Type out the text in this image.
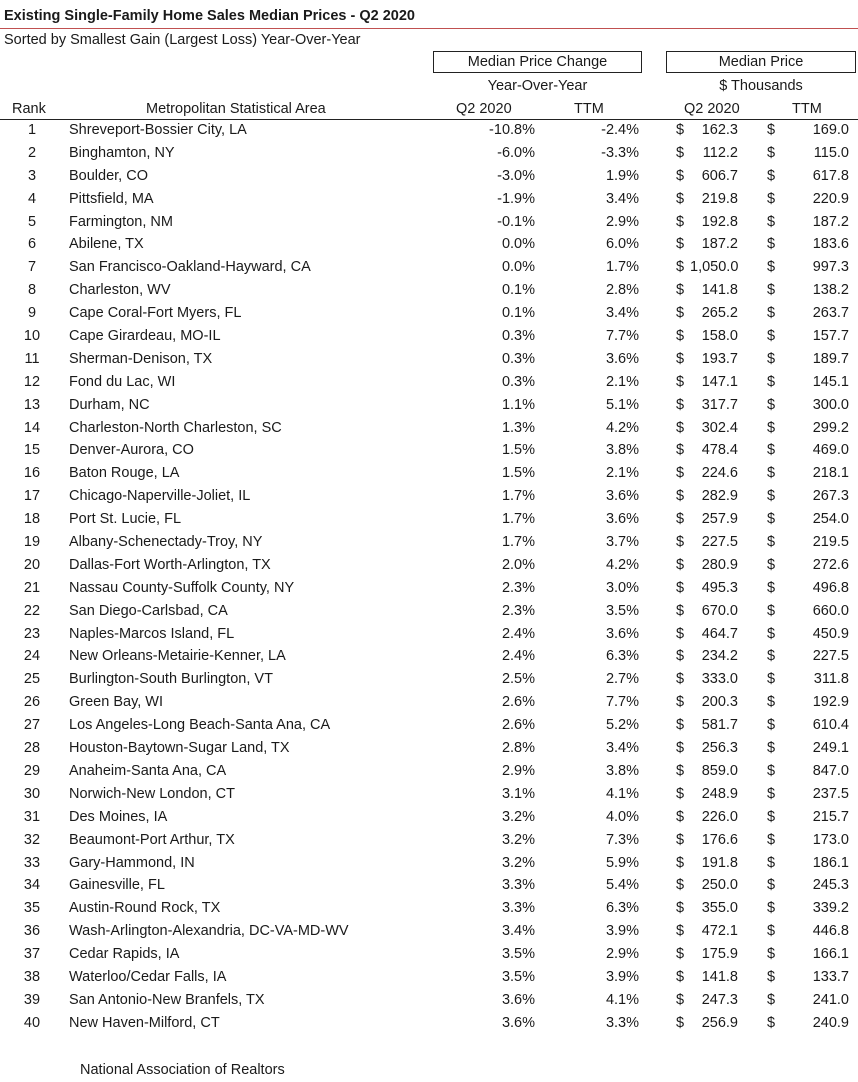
Existing Single-Family Home Sales Median Prices - Q2 2020
Sorted by Smallest Gain (Largest Loss) Year-Over-Year
Median Price Change	Median Price
Year-Over-Year	$ Thousands
Rank	Metropolitan Statistical Area	Q2 2020	TTM	Q2 2020	TTM
1	Shreveport-Bossier City, LA	-10.8%	-2.4%	$	162.3 $	169.0
2	Binghamton, NY	-6.0%	-3.3%	$	112.2 $	115.0
3	Boulder, CO	-3.0%	1.9%	$	606.7 $	617.8
4	Pittsfield, MA	-1.9%	3.4%	$	219.8 $	220.9
5	Farmington, NM	-0.1%	2.9%	$	192.8 $	187.2
6	Abilene, TX	0.0%	6.0%	$	187.2 $	183.6
7	San Francisco-Oakland-Hayward, CA	0.0%	1.7%	$ 1,050.0 $	997.3
8	Charleston, WV	0.1%	2.8%	$	141.8 $	138.2
9	Cape Coral-Fort Myers, FL	0.1%	3.4%	$	265.2 $	263.7
10	Cape Girardeau, MO-IL	0.3%	7.7%	$	158.0 $	157.7
11	Sherman-Denison, TX	0.3%	3.6%	$	193.7 $	189.7
12	Fond du Lac, WI	0.3%	2.1%	$	147.1 $	145.1
13	Durham, NC	1.1%	5.1%	$	317.7 $	300.0
14	Charleston-North Charleston, SC	1.3%	4.2%	$	302.4 $	299.2
15	Denver-Aurora, CO	1.5%	3.8%	$	478.4 $	469.0
16	Baton Rouge, LA	1.5%	2.1%	$	224.6 $	218.1
17	Chicago-Naperville-Joliet, IL	1.7%	3.6%	$	282.9 $	267.3
18	Port St. Lucie, FL	1.7%	3.6%	$	257.9 $	254.0
19	Albany-Schenectady-Troy, NY	1.7%	3.7%	$	227.5 $	219.5
20	Dallas-Fort Worth-Arlington, TX	2.0%	4.2%	$	280.9 $	272.6
21	Nassau County-Suffolk County, NY	2.3%	3.0%	$	495.3 $	496.8
22	San Diego-Carlsbad, CA	2.3%	3.5%	$	670.0 $	660.0
23	Naples-Marcos Island, FL	2.4%	3.6%	$	464.7 $	450.9
24	New Orleans-Metairie-Kenner, LA	2.4%	6.3%	$	234.2 $	227.5
25	Burlington-South Burlington, VT	2.5%	2.7%	$	333.0 $	311.8
26	Green Bay, WI	2.6%	7.7%	$	200.3 $	192.9
27	Los Angeles-Long Beach-Santa Ana, CA	2.6%	5.2%	$	581.7 $	610.4
28	Houston-Baytown-Sugar Land, TX	2.8%	3.4%	$	256.3 $	249.1
29	Anaheim-Santa Ana, CA	2.9%	3.8%	$	859.0 $	847.0
30	Norwich-New London, CT	3.1%	4.1%	$	248.9 $	237.5
31	Des Moines, IA	3.2%	4.0%	$	226.0 $	215.7
32	Beaumont-Port Arthur, TX	3.2%	7.3%	$	176.6 $	173.0
33	Gary-Hammond, IN	3.2%	5.9%	$	191.8 $	186.1
34	Gainesville, FL	3.3%	5.4%	$	250.0 $	245.3
35	Austin-Round Rock, TX	3.3%	6.3%	$	355.0 $	339.2
36	Wash-Arlington-Alexandria, DC-VA-MD-WV	3.4%	3.9%	$	472.1 $	446.8
37	Cedar Rapids, IA	3.5%	2.9%	$	175.9 $	166.1
38	Waterloo/Cedar Falls, IA	3.5%	3.9%	$	141.8 $	133.7
39	San Antonio-New Branfels, TX	3.6%	4.1%	$	247.3 $	241.0
40	New Haven-Milford, CT	3.6%	3.3%	$	256.9 $	240.9
National Association of Realtors
